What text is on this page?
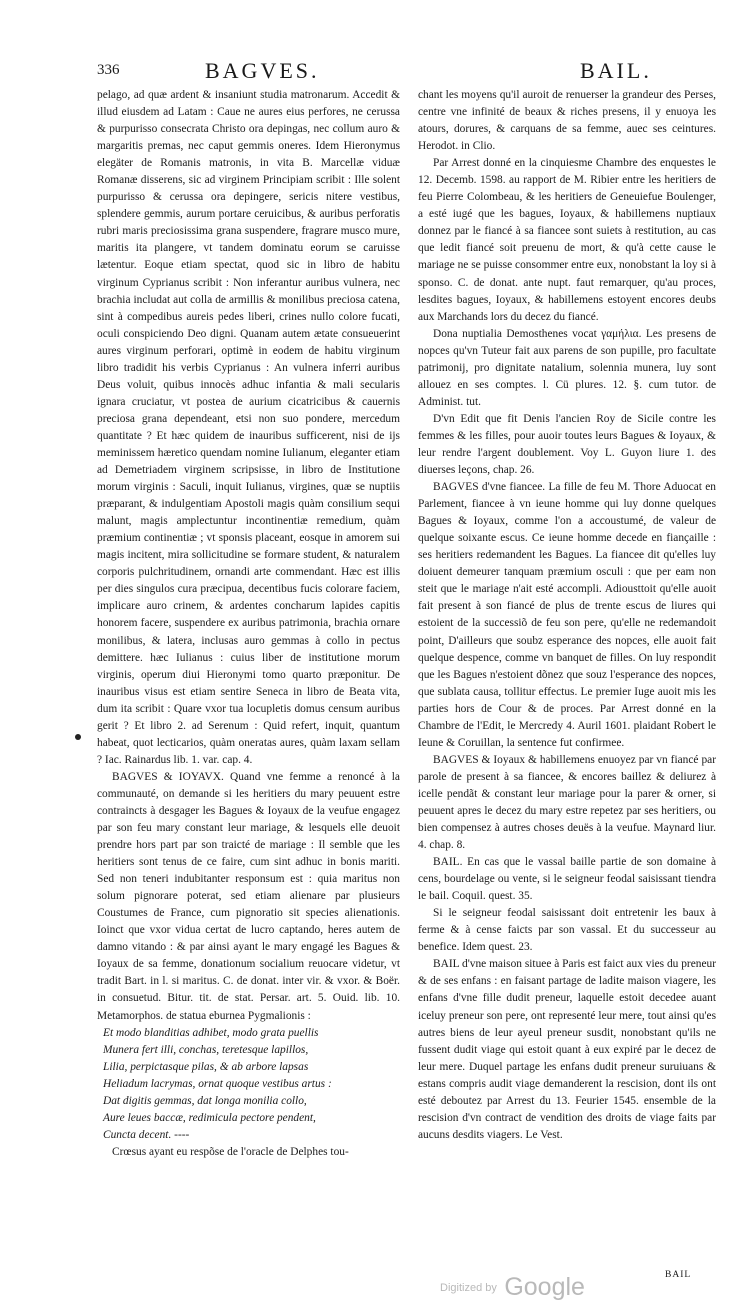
336	BAGVES.	BAIL.

pelago, ad quæ ardent & insaniunt studia matronarum. Accedit & illud eiusdem ad Latam : Caue ne aures eius perfores, ne cerussa & purpurisso consecrata Christo ora depingas, nec collum auro & margaritis premas, nec caput gemmis oneres. Idem Hieronymus elegäter de Romanis matronis, in vita B. Marcellæ viduæ Romanæ disserens, sic ad virginem Principiam scribit : Ille solent purpurisso & cerussa ora depingere, sericis nitere vestibus, splendere gemmis, aurum portare ceruicibus, & auribus perforatis rubri maris preciosissima grana suspendere, fragrare musco mure, maritis ita plangere, vt tandem dominatu eorum se caruisse lætentur. Eoque etiam spectat, quod sic in libro de habitu virginum Cyprianus scribit : Non inferantur auribus vulnera, nec brachia includat aut colla de armillis & monilibus preciosa catena, sint à compedibus aureis pedes liberi, crines nullo colore fucati, oculi conspiciendo Deo digni. Quanam autem ætate consueuerint aures virginum perforari, optimè in eodem de habitu virginum libro tradidit his verbis Cyprianus : An vulnera inferri auribus Deus voluit, quibus innocès adhuc infantia & mali secularis ignara cruciatur, vt postea de aurium cicatricibus & cauernis preciosa grana dependeant, etsi non suo pondere, mercedum quantitate ? Et hæc quidem de inauribus sufficerent, nisi de ijs meminissem hæretico quendam nomine Iulianum, eleganter etiam ad Demetriadem virginem scripsisse, in libro de Institutione morum virginis : Saculi, inquit Iulianus, virgines, quæ se nuptiis præparant, & indulgentiam Apostoli magis quàm consilium sequi malunt, magis amplectuntur incontinentiæ remedium, quàm præmium continentiæ ; vt sponsis placeant, eosque in amorem sui magis incitent, mira sollicitudine se formare student, & naturalem corporis pulchritudinem, ornandi arte commendant. Hæc est illis per dies singulos cura præcipua, decentibus fucis colorare faciem, implicare auro crinem, & ardentes concharum lapides capitis honorem facere, suspendere ex auribus patrimonia, brachia ornare monilibus, & latera, inclusas auro gemmas à collo in pectus demittere. hæc Iulianus : cuius liber de institutione morum virginis, operum diui Hieronymi tomo quarto præponitur. De inauribus visus est etiam sentire Seneca in libro de Beata vita, dum ita scribit : Quare vxor tua locupletis domus censum auribus gerit ? Et libro 2. ad Serenum : Quid refert, inquit, quantum habeat, quot lecticarios, quàm oneratas aures, quàm laxam sellam ? Iac. Rainardus lib. 1. var. cap. 4.

BAGVES & IOYAVX. Quand vne femme a renoncé à la communauté, on demande si les heritiers du mary peuuent estre contraincts à desgager les Bagues & Ioyaux de la veufue engagez par son feu mary constant leur mariage, & lesquels elle deuoit prendre hors part par son traicté de mariage : Il semble que les heritiers sont tenus de ce faire, cum sint adhuc in bonis mariti. Sed non teneri indubitanter responsum est : quia maritus non solum pignorare poterat, sed etiam alienare par plusieurs Coustumes de France, cum pignoratio sit species alienationis. Ioinct que vxor vidua certat de lucro captando, heres autem de damno vitando : & par ainsi ayant le mary engagé les Bagues & Ioyaux de sa femme, donationum socialium reuocare videtur, vt tradit Bart. in l. si maritus. C. de donat. inter vir. & vxor. & Boër. in consuetud. Bitur. tit. de stat. Persar. art. 5. Ouid. lib. 10. Metamorphos. de statua eburnea Pygmalionis :

Et modo blanditias adhibet, modo grata puellis
Munera fert illi, conchas, teretesque lapillos,
Lilia, perpictasque pilas, & ab arbore lapsas
Heliadum lacrymas, ornat quoque vestibus artus :
Dat digitis gemmas, dat longa monilia collo,
Aure leues baccæ, redimicula pectore pendent,
Cuncta decent. ----

Crœsus ayant eu respõse de l'oracle de Delphes tou-

chant les moyens qu'il auroit de renuerser la grandeur des Perses, centre vne infinité de beaux & riches presens, il y enuoya les atours, dorures, & carquans de sa femme, auec ses ceintures. Herodot. in Clio.

Par Arrest donné en la cinquiesme Chambre des enquestes le 12. Decemb. 1598. au rapport de M. Ribier entre les heritiers de feu Pierre Colombeau, & les heritiers de Geneuiefue Boulenger, a esté iugé que les bagues, Ioyaux, & habillemens nuptiaux donnez par le fiancé à sa fiancee sont suiets à restitution, au cas que ledit fiancé soit preuenu de mort, & qu'à cette cause le mariage ne se puisse consommer entre eux, nonobstant la loy si à sponso. C. de donat. ante nupt. faut remarquer, qu'au proces, lesdites bagues, Ioyaux, & habillemens estoyent encores deubs aux Marchands lors du decez du fiancé.

Dona nuptialia Demosthenes vocat γαμήλια. Les presens de nopces qu'vn Tuteur fait aux parens de son pupille, pro facultate patrimonij, pro dignitate natalium, solennia munera, luy sont allouez en ses comptes. l. Cü plures. 12. §. cum tutor. de Administ. tut.

D'vn Edit que fit Denis l'ancien Roy de Sicile contre les femmes & les filles, pour auoir toutes leurs Bagues & Ioyaux, & leur rendre l'argent doublement. Voy L. Guyon liure 1. des diuerses leçons, chap. 26.

BAGVES d'vne fiancee. La fille de feu M. Thore Aduocat en Parlement, fiancee à vn ieune homme qui luy donne quelques Bagues & Ioyaux, comme l'on a accoustumé, de valeur de quelque soixante escus. Ce ieune homme decede en fiançaille : ses heritiers redemandent les Bagues. La fiancee dit qu'elles luy doiuent demeurer tanquam præmium osculi : que per eam non steit que le mariage n'ait esté accompli. Adiousttoit qu'elle auoit fait present à son fiancé de plus de trente escus de liures qui estoient de la successiõ de feu son pere, qu'elle ne redemandoit point, D'ailleurs que soubz esperance des nopces, elle auoit fait quelque despence, comme vn banquet de filles. On luy respondit que les Bagues n'estoient dõnez que souz l'esperance des nopces, que sublata causa, tollitur effectus. Le premier Iuge auoit mis les parties hors de Cour & de proces. Par Arrest donné en la Chambre de l'Edit, le Mercredy 4. Auril 1601. plaidant Robert le Ieune & Coruillan, la sentence fut confirmee.

BAGVES & Ioyaux & habillemens enuoyez par vn fiancé par parole de present à sa fiancee, & encores baillez & deliurez à icelle pendãt & constant leur mariage pour la parer & orner, si peuuent apres le decez du mary estre repetez par ses heritiers, ou bien compensez à autres choses deuës à la veufue. Maynard liur. 4. chap. 8.

BAIL. En cas que le vassal baille partie de son domaine à cens, bourdelage ou vente, si le seigneur feodal saisissant tiendra le bail. Coquil. quest. 35.

Si le seigneur feodal saisissant doit entretenir les baux à ferme & à cense faicts par son vassal. Et du successeur au benefice. Idem quest. 23.

BAIL d'vne maison situee à Paris est faict aux vies du preneur & de ses enfans : en faisant partage de ladite maison viagere, les enfans d'vne fille dudit preneur, laquelle estoit decedee auant iceluy preneur son pere, ont representé leur mere, tout ainsi qu'es autres biens de leur ayeul preneur susdit, nonobstant qu'ils ne fussent dudit viage qui estoit quant à eux expiré par le decez de leur mere. Duquel partage les enfans dudit preneur suruiuans & estans compris audit viage demanderent la rescision, dont ils ont esté deboutez par Arrest du 13. Feurier 1545. ensemble de la rescision d'vn contract de vendition des droits de viage faits par aucuns desdits viagers. Le Vest.

BAIL
Digitized by Google
